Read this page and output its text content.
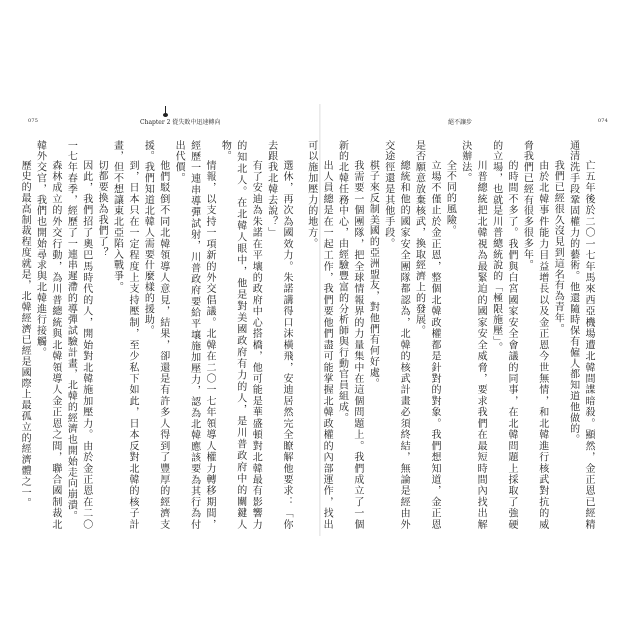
075	Chapter 2 從失敗中迅速轉向

選休，再次為國效力。朱諾講得口沫橫飛，安迪居然完全瞭解他要求：「你去跟我北韓去說？」

有了安迪為朱諾在平壤的政府中心搭橋，他可能是華盛頓對北韓最有影響力的知北人。在北韓人眼中，他是對美國政府有力的人，是川普政府中的關鍵人物。

情報，以支持一項新的外交倡議。北韓在二〇一七年領導人權力轉移期間，經歷一連串導彈試射，川普政府要給平壤施加壓力，認為北韓應該要為其行為付出代價。

他們駁倒不同北韓領導人意見，結果，卻還是有許多人得到了豐厚的經濟支援。我們知道北韓人需要什麼樣的援助。

到，日本只在一定程度上支持壓制，至少私下如此，日本反對北韓的核子計畫，但不想讓東北亞陷入戰爭。

切都要換為我們了？

因此，我們招了奧巴馬時代的人，開始對北韓施加壓力。由於金正恩在二〇一七年春季，經歷了一連串遲滯的導彈試驗計畫，北韓的經濟也開始走向崩潰。

森林成立的外交行動，為川普總統與北韓領導人金正恩之間，聯合國制裁北韓外交官，我們也開始尋求與北韓進行接觸。

歷史的最高制裁程度就是，北韓經濟已經是國際上最孤立的經濟體之一。

074
絕不讓步

亡五年後於二〇一七年馬來西亞機場遭北韓間諜暗殺。顯然，金正恩已經精通清洗手段鞏固權力的藝術。他還隨時保有僱人都知道他做的。

我們已經很久沒見到這名有為青年。

由於北韓事件能力目益增長以及金正恩今世無情，和北韓進行核武對抗的威脅我們已經有很多很多年。

的時間不多了。我們與白宮國家安全會議的同事，在北韓問題上採取了強硬的立場，也就是川普總統說的「極限施壓」。

川普總統把北韓視為最緊迫的國家安全威脅，要求我們在最短時間內找出解決辦法。

全不同的風險。

立場不僅止於金正恩，整個北韓政權都是針對的對象。我們想知道，金正恩是否願意放棄核武，換取經濟上的發展。

總統和他的國家安全團隊都認為，北韓的核武計畫必須終結，無論是經由外交途徑還是其他手段。

棋子來反制美國的亞洲盟友，對他們有何好處。

我需要一個團隊，把全球情報界的力量集中在這個問題上。我們成立了一個新的北韓任務中心，由經驗豐富的分析師與行動官員組成。

出人員總是在一起工作，我們要他們盡可能掌握北韓政權的內部運作，找出可以施加壓力的地方。
